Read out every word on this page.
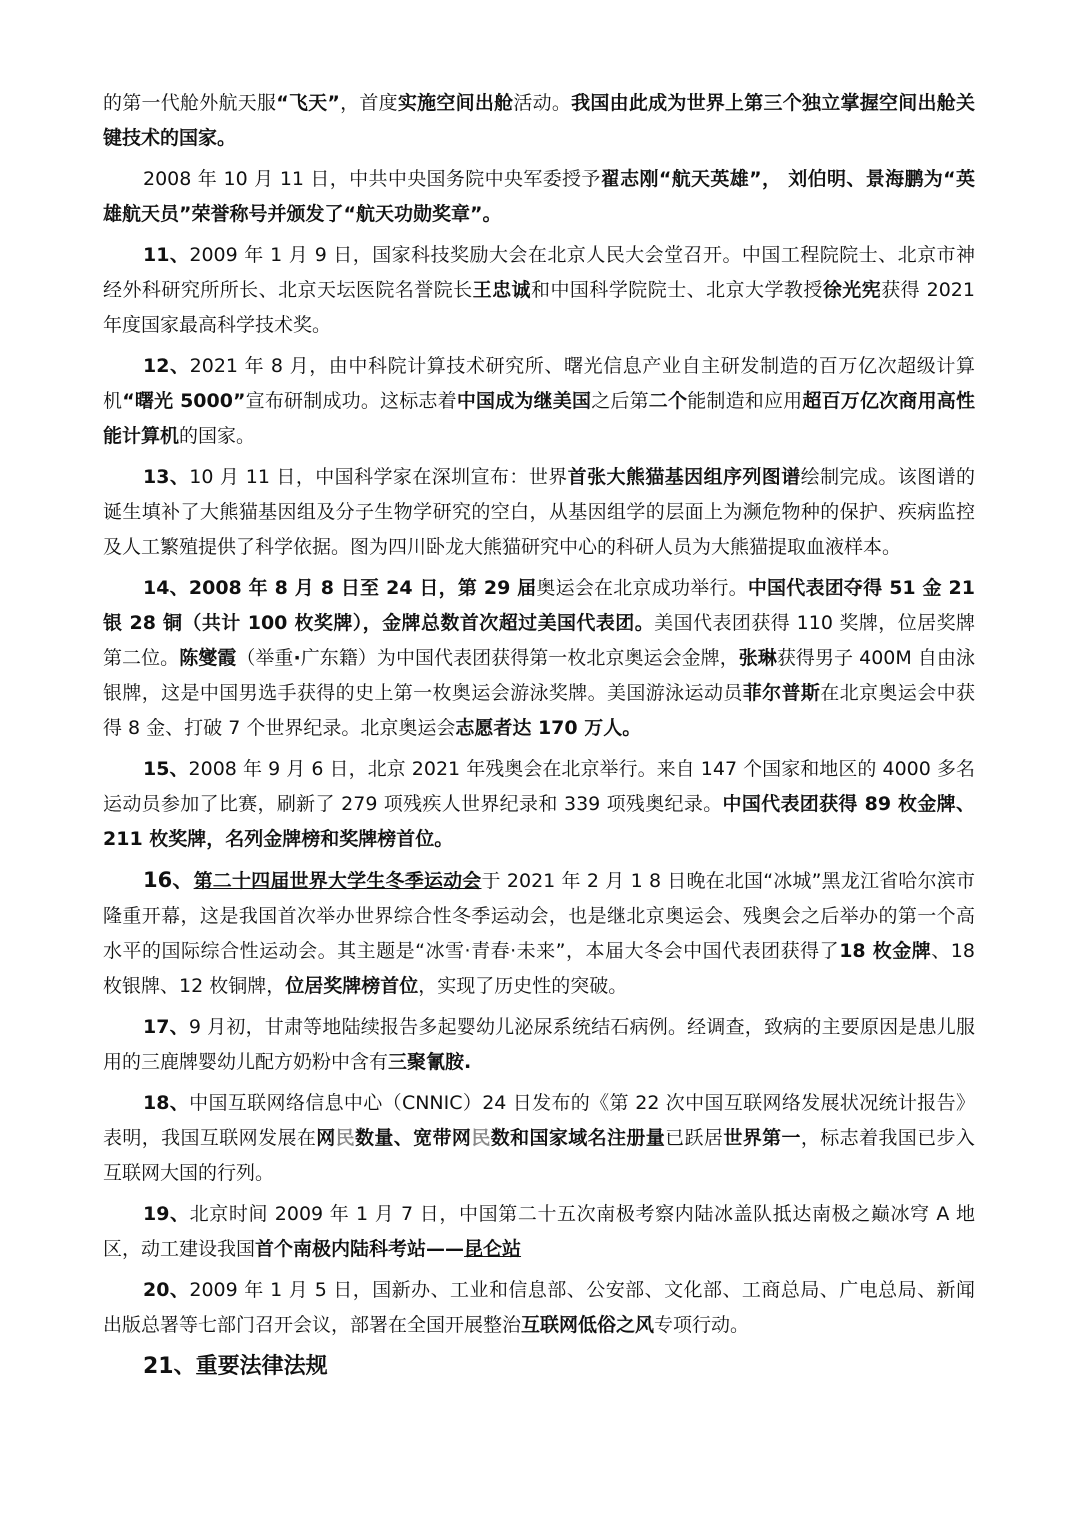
的第一代舱外航天服“飞天”，首度实施空间出舱活动。我国由此成为世界上第三个独立掌握空间出舱关键技术的国家。

2008 年 10 月 11 日，中共中央国务院中央军委授予翟志刚“航天英雄”， 刘伯明、景海鹏为“英雄航天员”荣誉称号并颁发了“航天功勋奖章”。

11、2009 年 1 月 9 日，国家科技奖励大会在北京人民大会堂召开。中国工程院院士、北京市神经外科研究所所长、北京天坛医院名誉院长王忠诚和中国科学院院士、北京大学教授徐光宪获得 2021 年度国家最高科学技术奖。

12、2021 年 8 月，由中科院计算技术研究所、曙光信息产业自主研发制造的百万亿次超级计算机“曙光 5000”宣布研制成功。这标志着中国成为继美国之后第二个能制造和应用超百万亿次商用高性能计算机的国家。

13、10 月 11 日，中国科学家在深圳宣布：世界首张大熊猫基因组序列图谱绘制完成。该图谱的诞生填补了大熊猫基因组及分子生物学研究的空白，从基因组学的层面上为濒危物种的保护、疾病监控及人工繁殖提供了科学依据。图为四川卧龙大熊猫研究中心的科研人员为大熊猫提取血液样本。

14、2008 年 8 月 8 日至 24 日，第 29 届奥运会在北京成功举行。中国代表团夺得 51 金 21 银 28 铜（共计 100 枚奖牌），金牌总数首次超过美国代表团。美国代表团获得 110 奖牌，位居奖牌第二位。陈燮霞（举重·广东籍）为中国代表团获得第一枚北京奥运会金牌，张琳获得男子 400M 自由泳银牌，这是中国男选手获得的史上第一枚奥运会游泳奖牌。美国游泳运动员菲尔普斯在北京奥运会中获得 8 金、打破 7 个世界纪录。北京奥运会志愿者达 170 万人。

15、2008 年 9 月 6 日，北京 2021 年残奥会在北京举行。来自 147 个国家和地区的 4000 多名运动员参加了比赛，刷新了 279 项残疾人世界纪录和 339 项残奥纪录。中国代表团获得 89 枚金牌、211 枚奖牌，名列金牌榜和奖牌榜首位。

16、第二十四届世界大学生冬季运动会于 2021 年 2 月 1 8 日晚在北国“冰城”黑龙江省哈尔滨市隆重开幕，这是我国首次举办世界综合性冬季运动会，也是继北京奥运会、残奥会之后举办的第一个高水平的国际综合性运动会。其主题是“冰雪·青春·未来”，本届大冬会中国代表团获得了18 枚金牌、18 枚银牌、12 枚铜牌，位居奖牌榜首位，实现了历史性的突破。

17、9 月初，甘肃等地陆续报告多起婴幼儿泌尿系统结石病例。经调查，致病的主要原因是患儿服用的三鹿牌婴幼儿配方奶粉中含有三聚氰胺.

18、中国互联网络信息中心（CNNIC）24 日发布的《第 22 次中国互联网络发展状况统计报告》表明，我国互联网发展在网民数量、宽带网民数和国家域名注册量已跃居世界第一，标志着我国已步入互联网大国的行列。

19、北京时间 2009 年 1 月 7 日，中国第二十五次南极考察内陆冰盖队抵达南极之巅冰穹 A 地区，动工建设我国首个南极内陆科考站——昆仑站

20、2009 年 1 月 5 日，国新办、工业和信息部、公安部、文化部、工商总局、广电总局、新闻出版总署等七部门召开会议，部署在全国开展整治互联网低俗之风专项行动。

21、重要法律法规
